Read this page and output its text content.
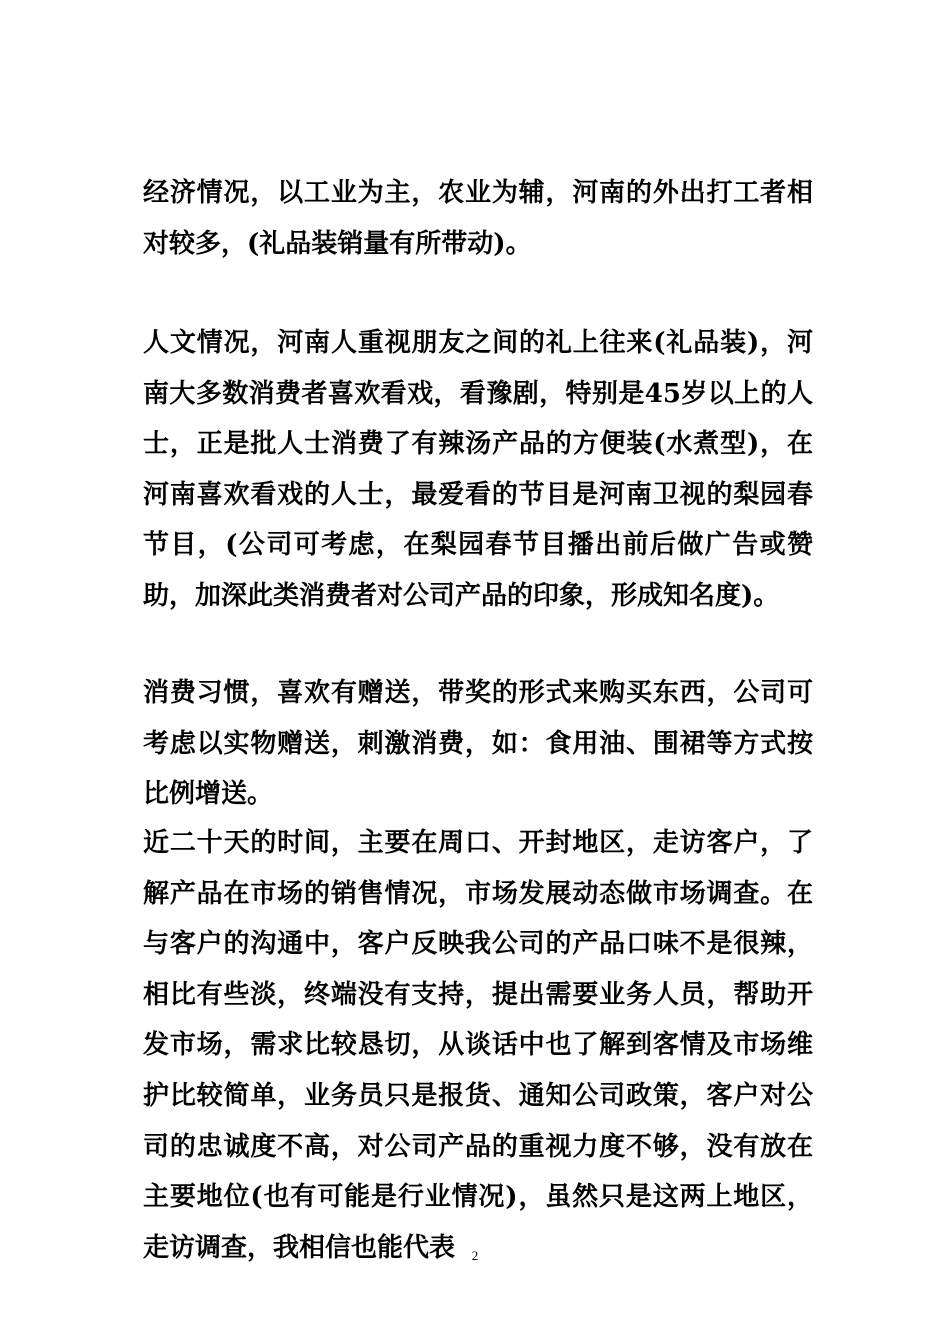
经济情况，以工业为主，农业为辅，河南的外出打工者相对较多，(礼品装销量有所带动)。

人文情况，河南人重视朋友之间的礼上往来(礼品装)，河南大多数消费者喜欢看戏，看豫剧，特别是45岁以上的人士，正是批人士消费了有辣汤产品的方便装(水煮型)，在河南喜欢看戏的人士，最爱看的节目是河南卫视的梨园春节目，(公司可考虑，在梨园春节目播出前后做广告或赞助，加深此类消费者对公司产品的印象，形成知名度)。

消费习惯，喜欢有赠送，带奖的形式来购买东西，公司可考虑以实物赠送，刺激消费，如：食用油、围裙等方式按比例增送。

近二十天的时间，主要在周口、开封地区，走访客户，了解产品在市场的销售情况，市场发展动态做市场调查。在与客户的沟通中，客户反映我公司的产品口味不是很辣，相比有些淡，终端没有支持，提出需要业务人员，帮助开发市场，需求比较恳切，从谈话中也了解到客情及市场维护比较简单，业务员只是报货、通知公司政策，客户对公司的忠诚度不高，对公司产品的重视力度不够，没有放在主要地位(也有可能是行业情况)，虽然只是这两上地区，走访调查，我相信也能代表	2
